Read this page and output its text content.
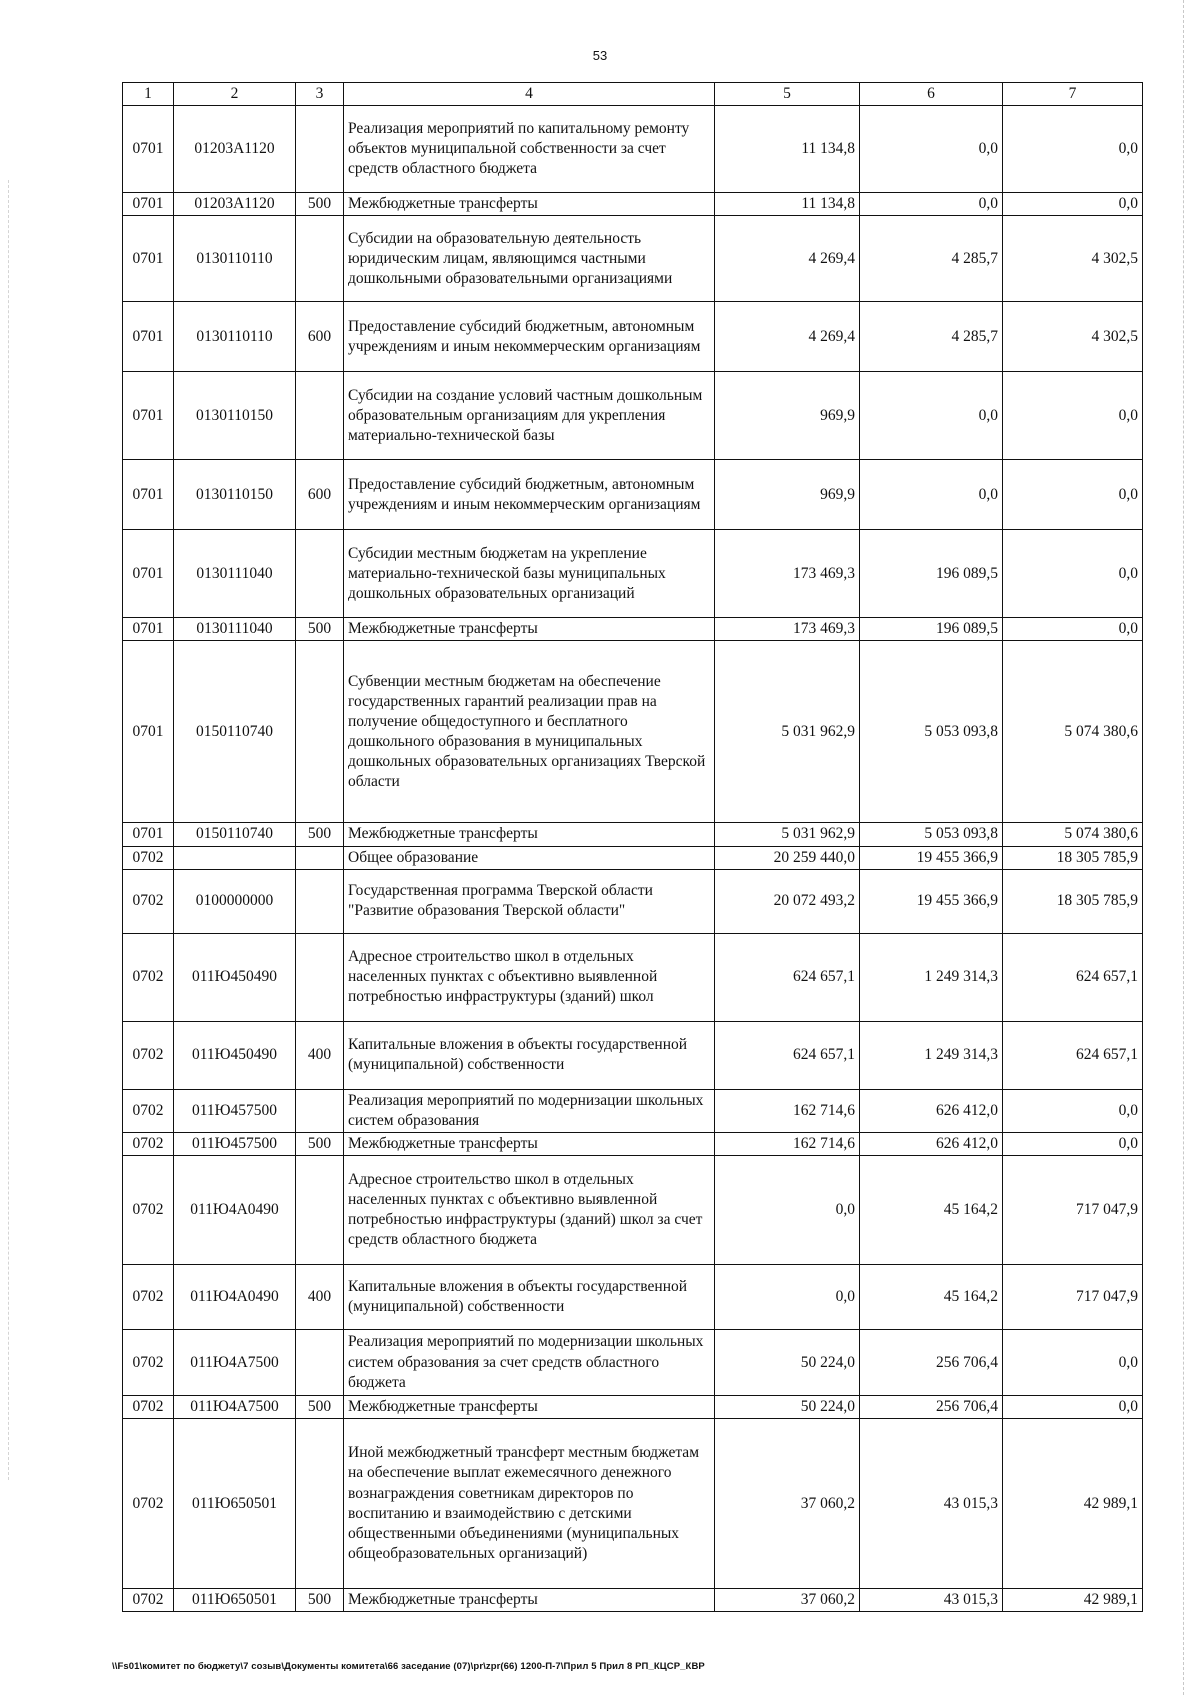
53
1	2	3	4	5	6	7
0701	01203A1120		Реализация мероприятий по капитальному ремонту объектов муниципальной собственности за счет средств областного бюджета	11 134,8	0,0	0,0
0701	01203A1120	500	Межбюджетные трансферты	11 134,8	0,0	0,0
0701	0130110110		Субсидии на образовательную деятельность юридическим лицам, являющимся частными дошкольными образовательными организациями	4 269,4	4 285,7	4 302,5
0701	0130110110	600	Предоставление субсидий бюджетным, автономным учреждениям и иным некоммерческим организациям	4 269,4	4 285,7	4 302,5
0701	0130110150		Субсидии на создание условий частным дошкольным образовательным организациям для укрепления материально-технической базы	969,9	0,0	0,0
0701	0130110150	600	Предоставление субсидий бюджетным, автономным учреждениям и иным некоммерческим организациям	969,9	0,0	0,0
0701	0130111040		Субсидии местным бюджетам на укрепление материально-технической базы муниципальных дошкольных образовательных организаций	173 469,3	196 089,5	0,0
0701	0130111040	500	Межбюджетные трансферты	173 469,3	196 089,5	0,0
0701	0150110740		Субвенции местным бюджетам на обеспечение государственных гарантий реализации прав на получение общедоступного и бесплатного дошкольного образования в муниципальных дошкольных образовательных организациях Тверской области	5 031 962,9	5 053 093,8	5 074 380,6
0701	0150110740	500	Межбюджетные трансферты	5 031 962,9	5 053 093,8	5 074 380,6
0702			Общее образование	20 259 440,0	19 455 366,9	18 305 785,9
0702	0100000000		Государственная программа Тверской области "Развитие образования Тверской области"	20 072 493,2	19 455 366,9	18 305 785,9
0702	011Ю450490		Адресное строительство школ в отдельных населенных пунктах с объективно выявленной потребностью инфраструктуры (зданий) школ	624 657,1	1 249 314,3	624 657,1
0702	011Ю450490	400	Капитальные вложения в объекты государственной (муниципальной) собственности	624 657,1	1 249 314,3	624 657,1
0702	011Ю457500		Реализация мероприятий по модернизации школьных систем образования	162 714,6	626 412,0	0,0
0702	011Ю457500	500	Межбюджетные трансферты	162 714,6	626 412,0	0,0
0702	011Ю4А0490		Адресное строительство школ в отдельных населенных пунктах с объективно выявленной потребностью инфраструктуры (зданий) школ за счет средств областного бюджета	0,0	45 164,2	717 047,9
0702	011Ю4А0490	400	Капитальные вложения в объекты государственной (муниципальной) собственности	0,0	45 164,2	717 047,9
0702	011Ю4А7500		Реализация мероприятий по модернизации школьных систем образования за счет средств областного бюджета	50 224,0	256 706,4	0,0
0702	011Ю4А7500	500	Межбюджетные трансферты	50 224,0	256 706,4	0,0
0702	011Ю650501		Иной межбюджетный трансферт местным бюджетам на обеспечение выплат ежемесячного денежного вознаграждения советникам директоров по воспитанию и взаимодействию с детскими общественными объединениями (муниципальных общеобразовательных организаций)	37 060,2	43 015,3	42 989,1
0702	011Ю650501	500	Межбюджетные трансферты	37 060,2	43 015,3	42 989,1
\\Fs01\комитет по бюджету\7 созыв\Документы комитета\66 заседание (07)\pr\zpr(66) 1200-П-7\Прил 5 Прил 8 РП_КЦСР_КВР
